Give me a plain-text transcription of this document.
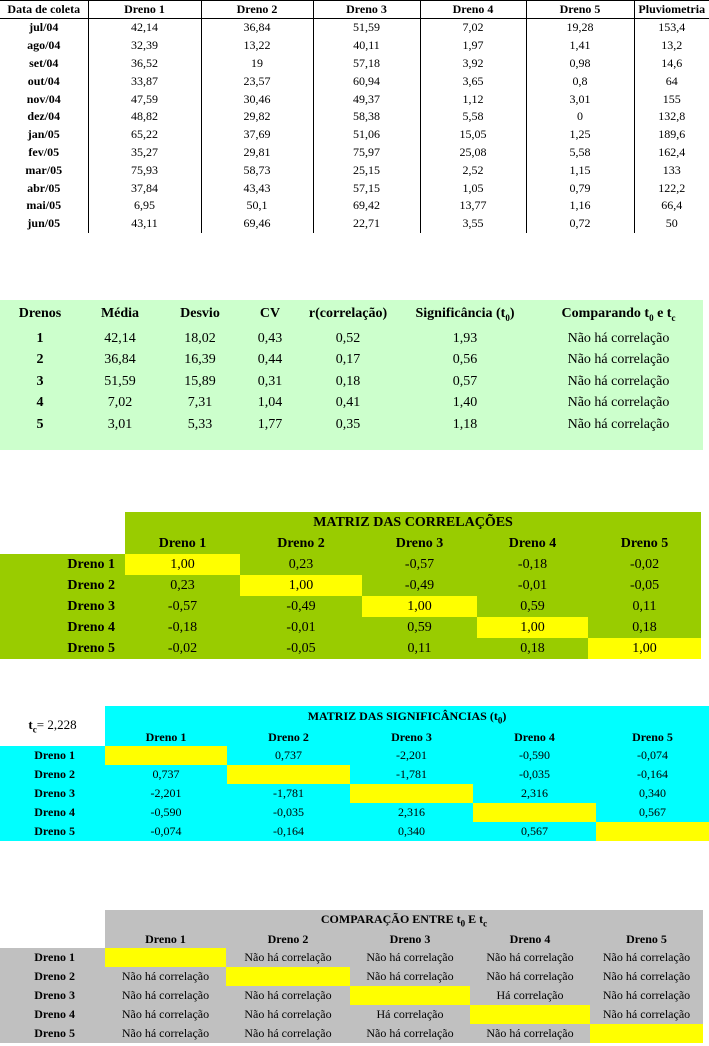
Data de coleta	Dreno 1	Dreno 2	Dreno 3	Dreno 4	Dreno 5	Pluviometria
jul/04	42,14	36,84	51,59	7,02	19,28	153,4
ago/04	32,39	13,22	40,11	1,97	1,41	13,2
set/04	36,52	19	57,18	3,92	0,98	14,6
out/04	33,87	23,57	60,94	3,65	0,8	64
nov/04	47,59	30,46	49,37	1,12	3,01	155
dez/04	48,82	29,82	58,38	5,58	0	132,8
jan/05	65,22	37,69	51,06	15,05	1,25	189,6
fev/05	35,27	29,81	75,97	25,08	5,58	162,4
mar/05	75,93	58,73	25,15	2,52	1,15	133
abr/05	37,84	43,43	57,15	1,05	0,79	122,2
mai/05	6,95	50,1	69,42	13,77	1,16	66,4
jun/05	43,11	69,46	22,71	3,55	0,72	50
Drenos	Média	Desvio	CV	r(correlação)	Significância $(t_0)$	Comparando $t_0$ e $t_c$
1	42,14	18,02	0,43	0,52	1,93	Não há correlação
2	36,84	16,39	0,44	0,17	0,56	Não há correlação
3	51,59	15,89	0,31	0,18	0,57	Não há correlação
4	7,02	7,31	1,04	0,41	1,40	Não há correlação
5	3,01	5,33	1,77	0,35	1,18	Não há correlação
	MATRIZ DAS CORRELAÇÕES				
	Dreno 1	Dreno 2	Dreno 3	Dreno 4	Dreno 5
Dreno 1	1,00	0,23	-0,57	-0,18	-0,02
Dreno 2	0,23	1,00	-0,49	-0,01	-0,05
Dreno 3	-0,57	-0,49	1,00	0,59	0,11
Dreno 4	-0,18	-0,01	0,59	1,00	0,18
Dreno 5	-0,02	-0,05	0,11	0,18	1,00
$t_c= 2,228$	MATRIZ DAS SIGNIFICÂNCIAS $(t_0)$				
	Dreno 1	Dreno 2	Dreno 3	Dreno 4	Dreno 5
Dreno 1		0,737	-2,201	-0,590	-0,074
Dreno 2	0,737		-1,781	-0,035	-0,164
Dreno 3	-2,201	-1,781		2,316	0,340
Dreno 4	-0,590	-0,035	2,316		0,567
Dreno 5	-0,074	-0,164	0,340	0,567	
	COMPARAÇÃO ENTRE $t_0$ E $t_c$
	Dreno 1	Dreno 2	Dreno 3	Dreno 4	Dreno 5
Dreno 1		Não há correlação	Não há correlação	Não há correlação	Não há correlação
Dreno 2	Não há correlação		Não há correlação	Não há correlação	Não há correlação
Dreno 3	Não há correlação	Não há correlação		Há correlação	Não há correlação
Dreno 4	Não há correlação	Não há correlação	Há correlação		Não há correlação
Dreno 5	Não há correlação	Não há correlação	Não há correlação	Não há correlação	
